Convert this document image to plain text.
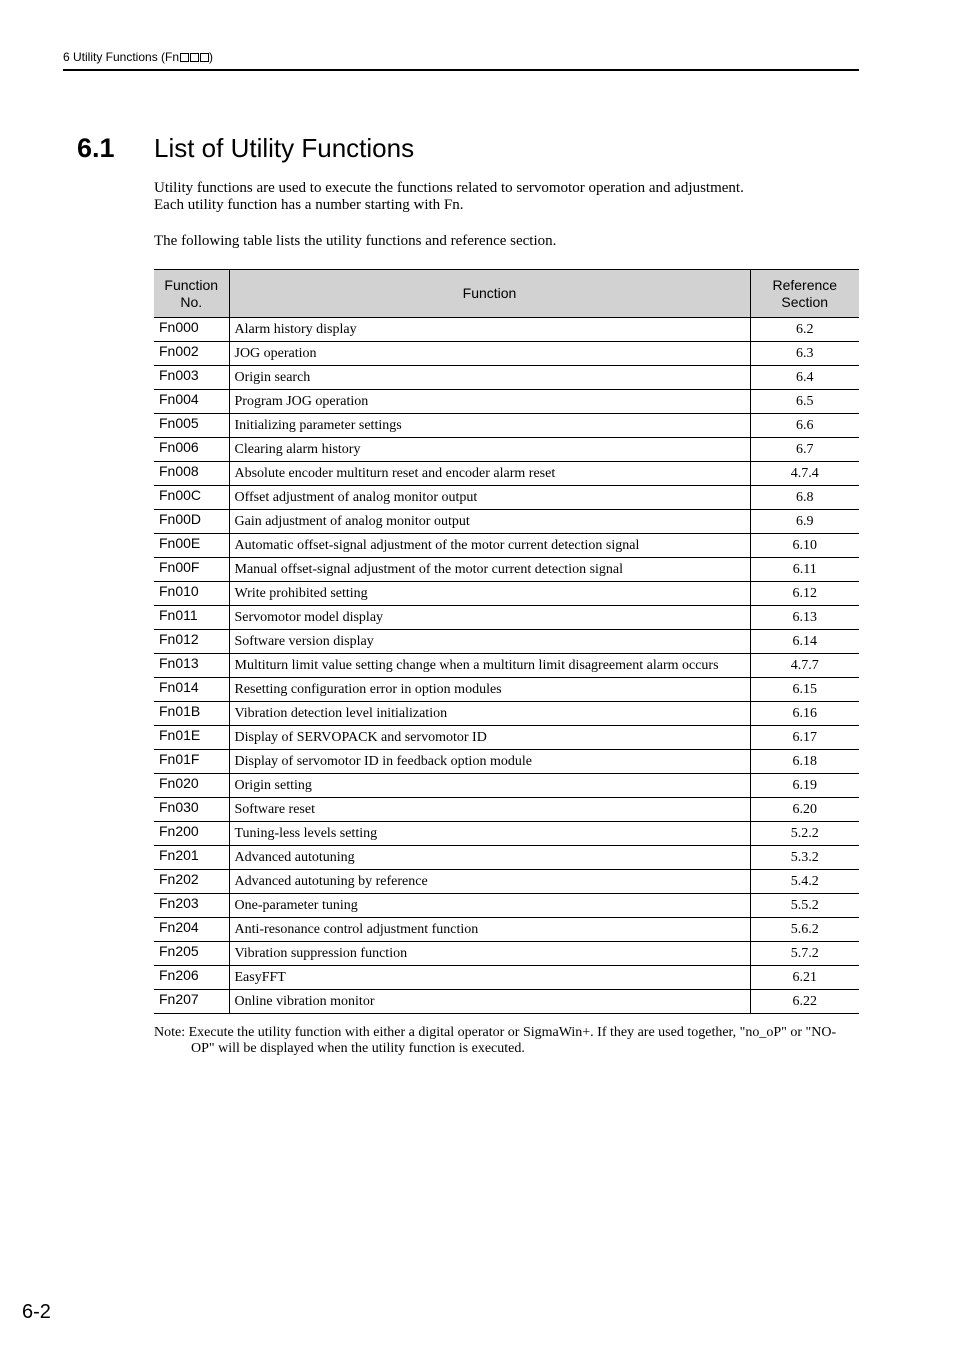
6 Utility Functions (Fn	)
6.1 List of Utility Functions
Utility functions are used to execute the functions related to servomotor operation and adjustment.
Each utility function has a number starting with Fn.
The following table lists the utility functions and reference section.
Function
No.	Function	Reference
Section
Fn000	Alarm history display	6.2
Fn002	JOG operation	6.3
Fn003	Origin search	6.4
Fn004	Program JOG operation	6.5
Fn005	Initializing parameter settings	6.6
Fn006	Clearing alarm history	6.7
Fn008	Absolute encoder multiturn reset and encoder alarm reset	4.7.4
Fn00C	Offset adjustment of analog monitor output	6.8
Fn00D	Gain adjustment of analog monitor output	6.9
Fn00E	Automatic offset-signal adjustment of the motor current detection signal	6.10
Fn00F	Manual offset-signal adjustment of the motor current detection signal	6.11
Fn010	Write prohibited setting	6.12
Fn011	Servomotor model display	6.13
Fn012	Software version display	6.14
Fn013	Multiturn limit value setting change when a multiturn limit disagreement alarm occurs	4.7.7
Fn014	Resetting configuration error in option modules	6.15
Fn01B	Vibration detection level initialization	6.16
Fn01E	Display of SERVOPACK and servomotor ID	6.17
Fn01F	Display of servomotor ID in feedback option module	6.18
Fn020	Origin setting	6.19
Fn030	Software reset	6.20
Fn200	Tuning-less levels setting	5.2.2
Fn201	Advanced autotuning	5.3.2
Fn202	Advanced autotuning by reference	5.4.2
Fn203	One-parameter tuning	5.5.2
Fn204	Anti-resonance control adjustment function	5.6.2
Fn205	Vibration suppression function	5.7.2
Fn206	EasyFFT	6.21
Fn207	Online vibration monitor	6.22
Note: Execute the utility function with either a digital operator or SigmaWin+. If they are used together, "no_oP" or "NO-
OP" will be displayed when the utility function is executed.
6-2
